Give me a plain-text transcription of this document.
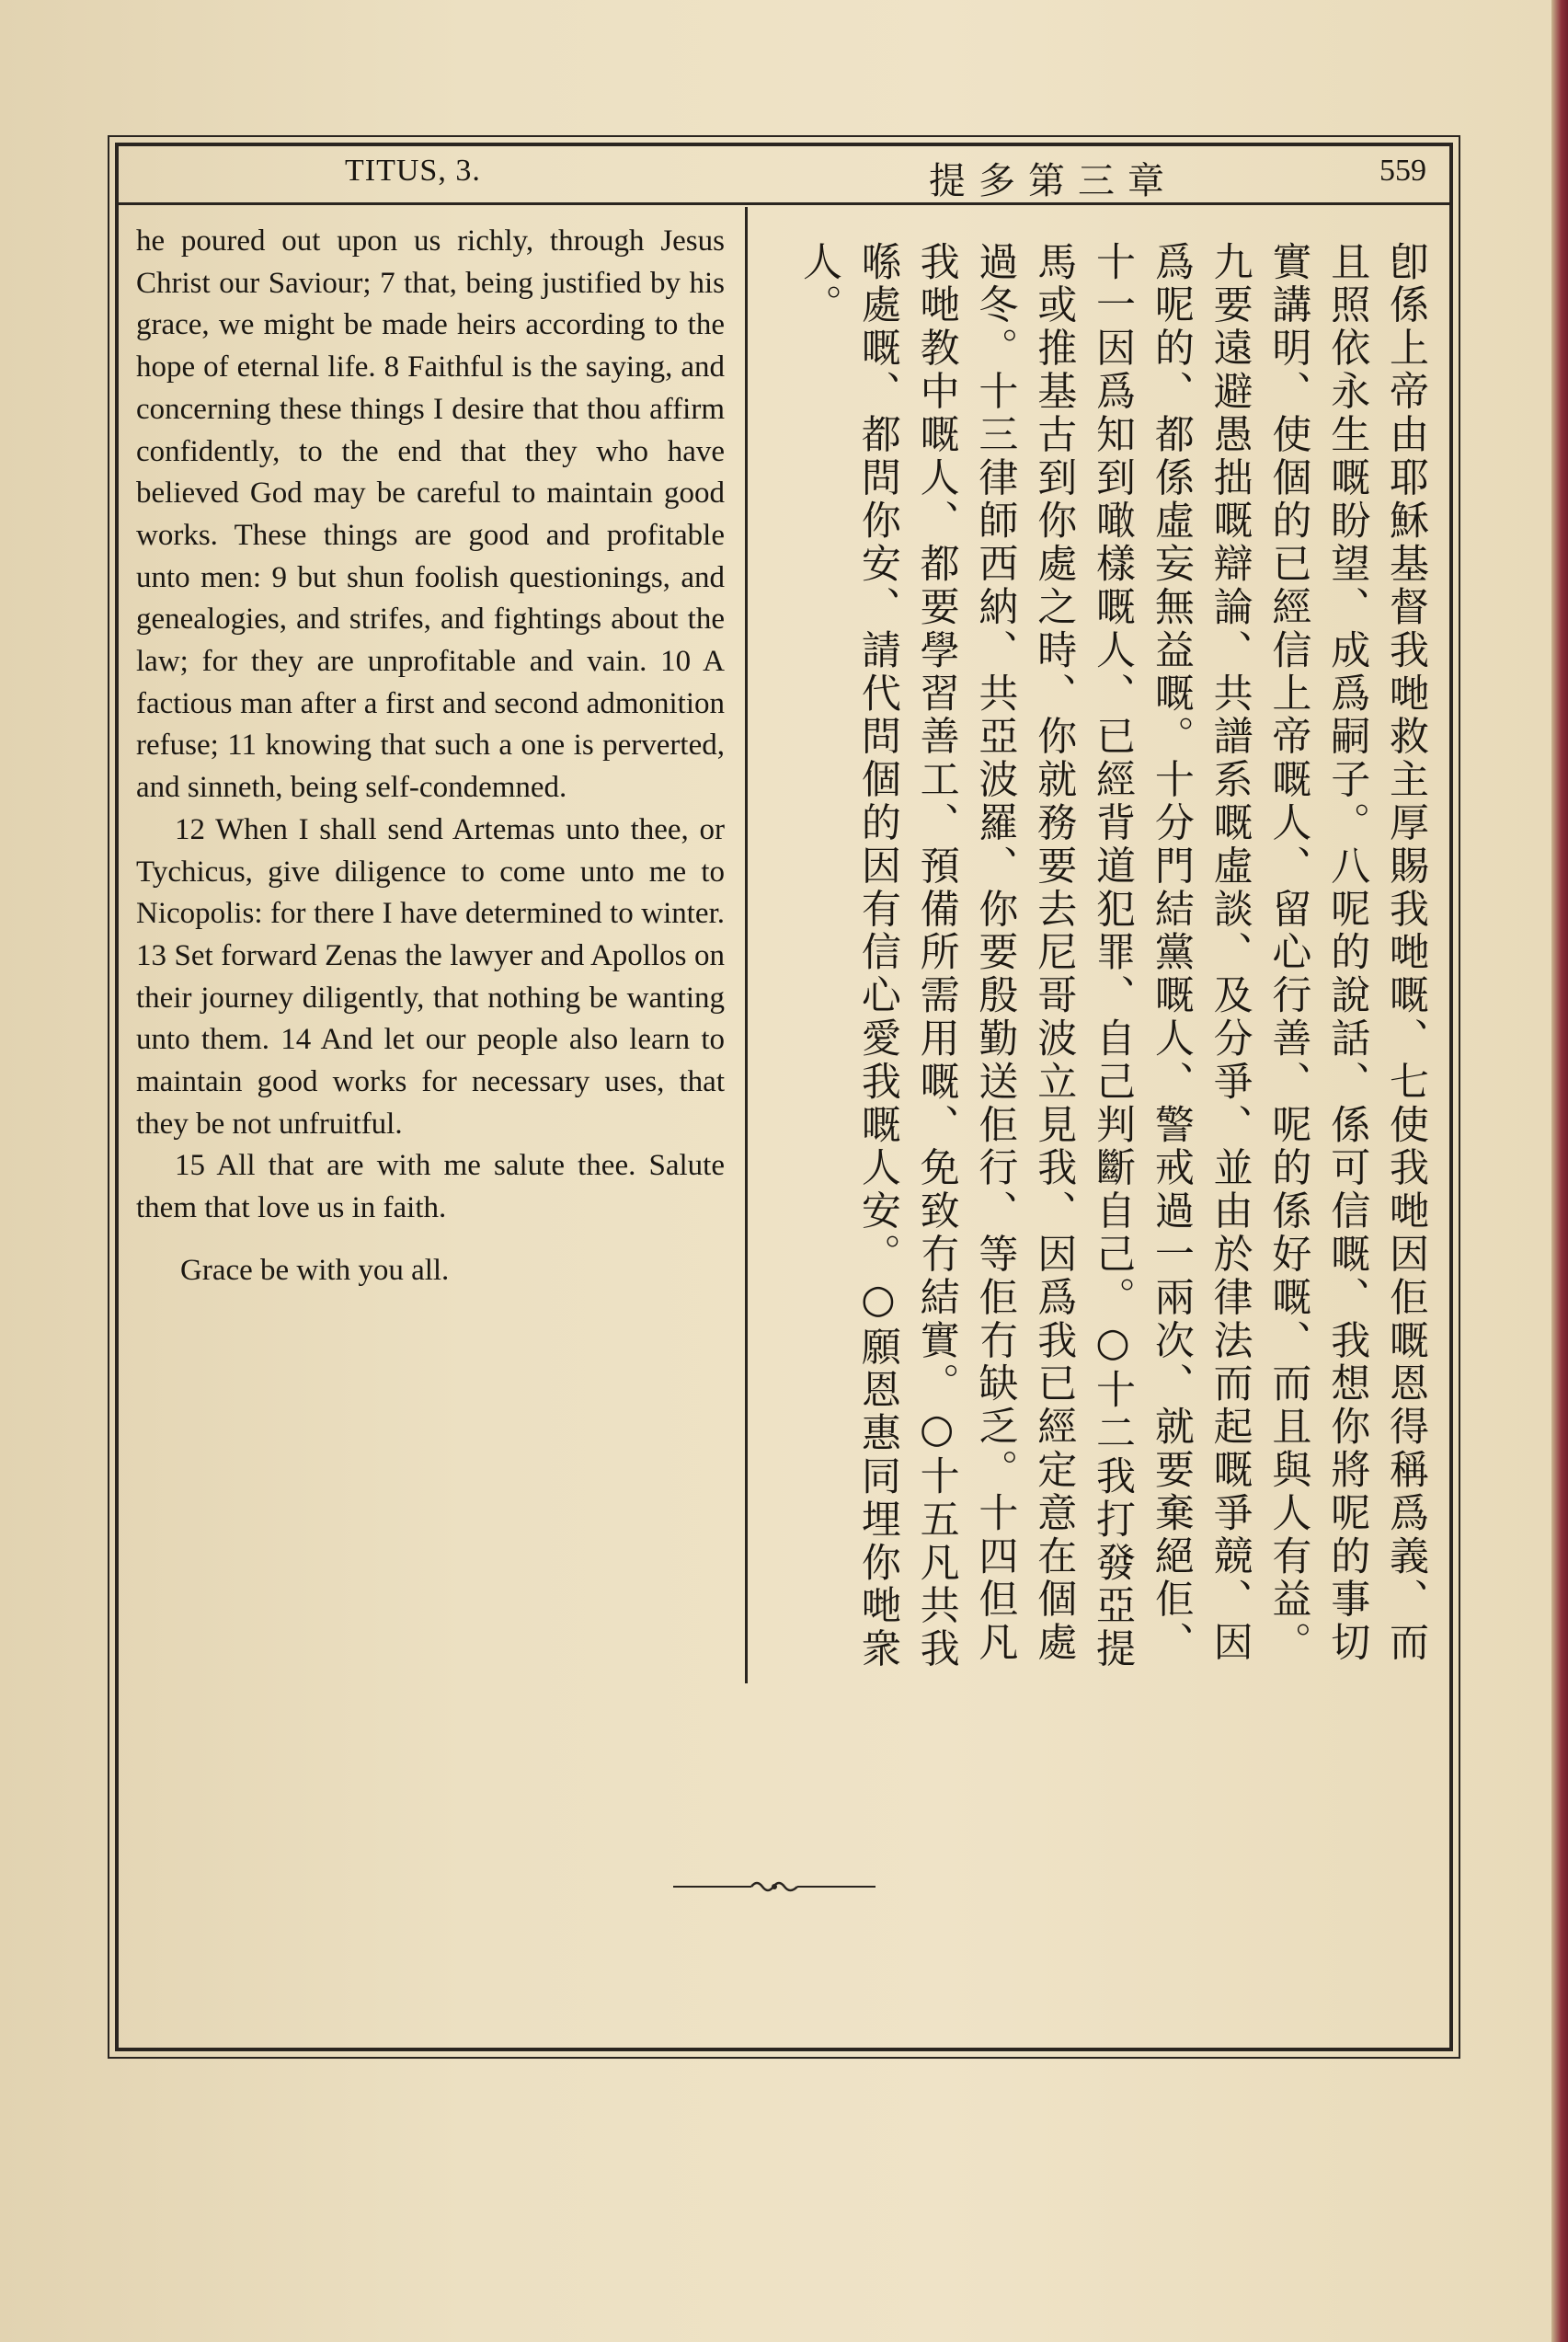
TITUS, 3.	提多第三章	559

he poured out upon us richly, through Jesus Christ our Saviour; 7 that, being justified by his grace, we might be made heirs according to the hope of eternal life. 8 Faithful is the saying, and concerning these things I desire that thou affirm confidently, to the end that they who have believed God may be careful to maintain good works. These things are good and profitable unto men: 9 but shun foolish questionings, and genealogies, and strifes, and fightings about the law; for they are unprofitable and vain. 10 A factious man after a first and second admonition refuse; 11 knowing that such a one is perverted, and sinneth, being self-condemned.

12 When I shall send Artemas unto thee, or Tychicus, give diligence to come unto me to Nicopolis: for there I have determined to winter. 13 Set forward Zenas the lawyer and Apollos on their journey diligently, that nothing be wanting unto them. 14 And let our people also learn to maintain good works for necessary uses, that they be not unfruitful.

15 All that are with me salute thee. Salute them that love us in faith.

Grace be with you all.	卽係上帝由耶穌基督我哋救主厚賜我哋嘅、七使我哋因佢嘅恩得稱爲義、而且照依永生嘅盼望、成爲嗣子。八呢的說話、係可信嘅、我想你將呢的事切實講明、使個的已經信上帝嘅人、留心行善、呢的係好嘅、而且與人有益。九要遠避愚拙嘅辯論、共譜系嘅虛談、及分爭、並由於律法而起嘅爭競、因爲呢的、都係虛妄無益嘅。十分門結黨嘅人、警戒過一兩次、就要棄絕佢、十一因爲知到噉樣嘅人、已經背道犯罪、自己判斷自己。○十二我打發亞提馬或推基古到你處之時、你就務要去尼哥波立見我、因爲我已經定意在個處過冬。十三律師西納、共亞波羅、你要殷勤送佢行、等佢冇缺乏。十四但凡我哋教中嘅人、都要學習善工、預備所需用嘅、免致冇結實。○十五凡共我喺處嘅、都問你安、請代問個的因有信心愛我嘅人安。○願恩惠同埋你哋衆人。
